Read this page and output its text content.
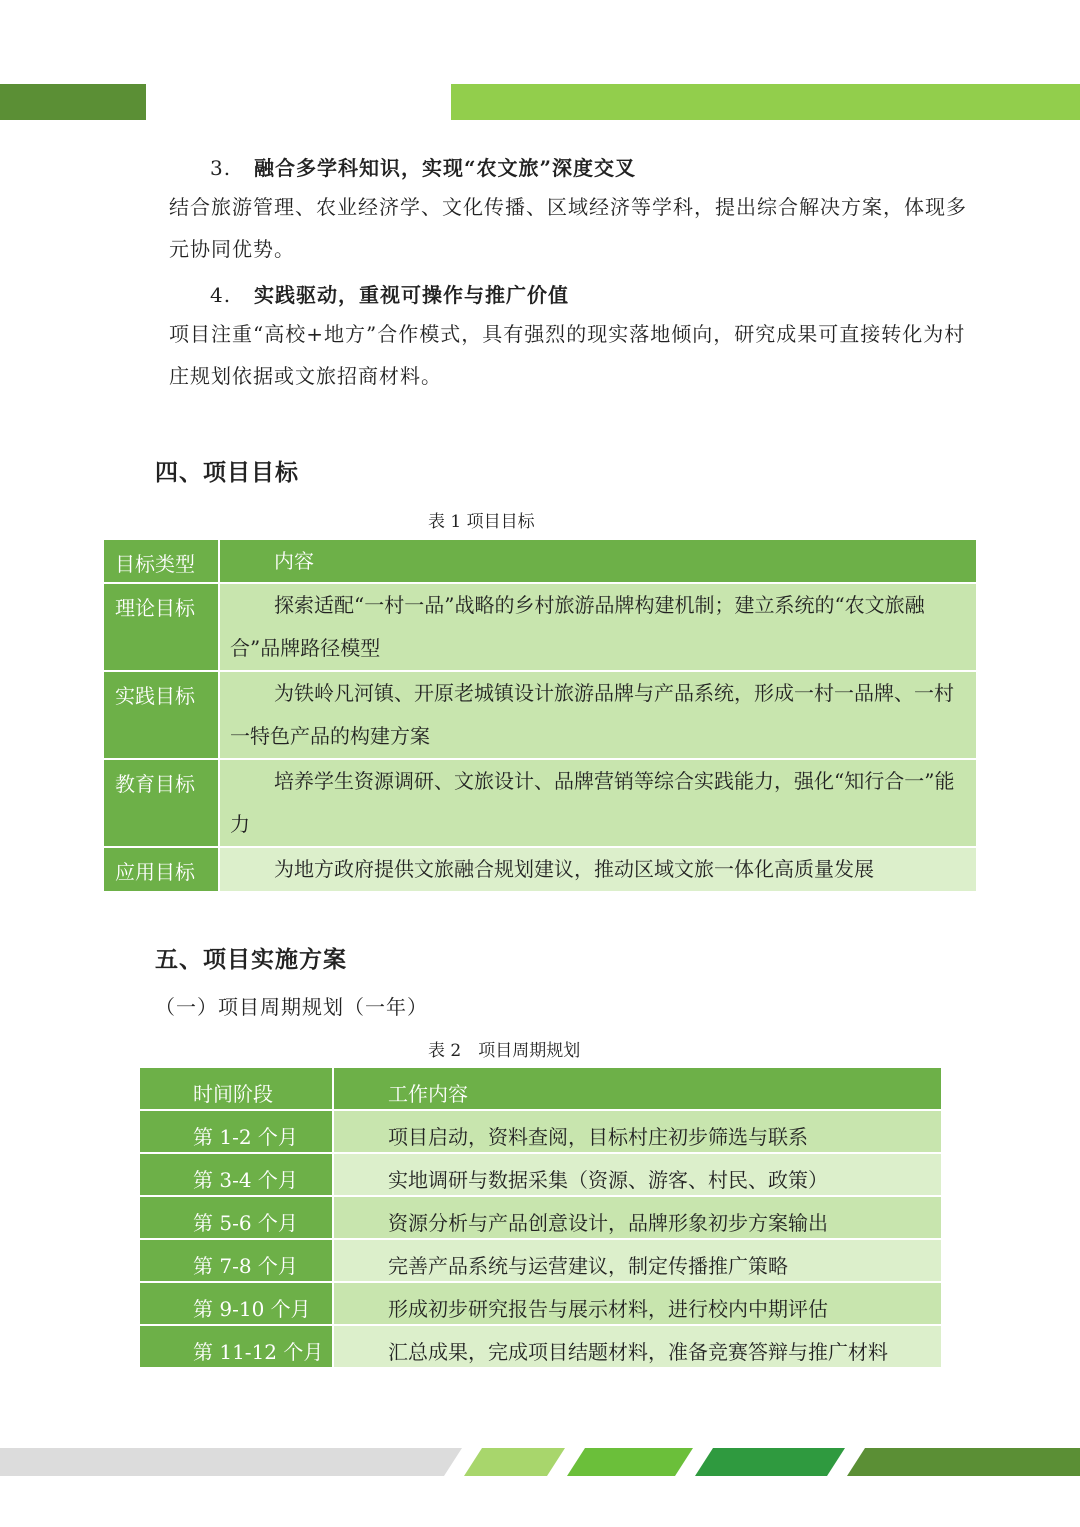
3. 融合多学科知识，实现“农文旅”深度交叉
结合旅游管理、农业经济学、文化传播、区域经济等学科，提出综合解决方案，体现多元协同优势。
4. 实践驱动，重视可操作与推广价值
项目注重“高校+地方”合作模式，具有强烈的现实落地倾向，研究成果可直接转化为村庄规划依据或文旅招商材料。
四、项目目标
表 1 项目目标
目标类型	内容
理论目标	探索适配“一村一品”战略的乡村旅游品牌构建机制；建立系统的“农文旅融合”品牌路径模型
实践目标	为铁岭凡河镇、开原老城镇设计旅游品牌与产品系统，形成一村一品牌、一村一特色产品的构建方案
教育目标	培养学生资源调研、文旅设计、品牌营销等综合实践能力，强化“知行合一”能力
应用目标	为地方政府提供文旅融合规划建议，推动区域文旅一体化高质量发展
五、项目实施方案
（一）项目周期规划（一年）
表 2　项目周期规划
时间阶段	工作内容
第 1-2 个月	项目启动，资料查阅，目标村庄初步筛选与联系
第 3-4 个月	实地调研与数据采集（资源、游客、村民、政策）
第 5-6 个月	资源分析与产品创意设计，品牌形象初步方案输出
第 7-8 个月	完善产品系统与运营建议，制定传播推广策略
第 9-10 个月	形成初步研究报告与展示材料，进行校内中期评估
第 11-12 个月	汇总成果，完成项目结题材料，准备竞赛答辩与推广材料
